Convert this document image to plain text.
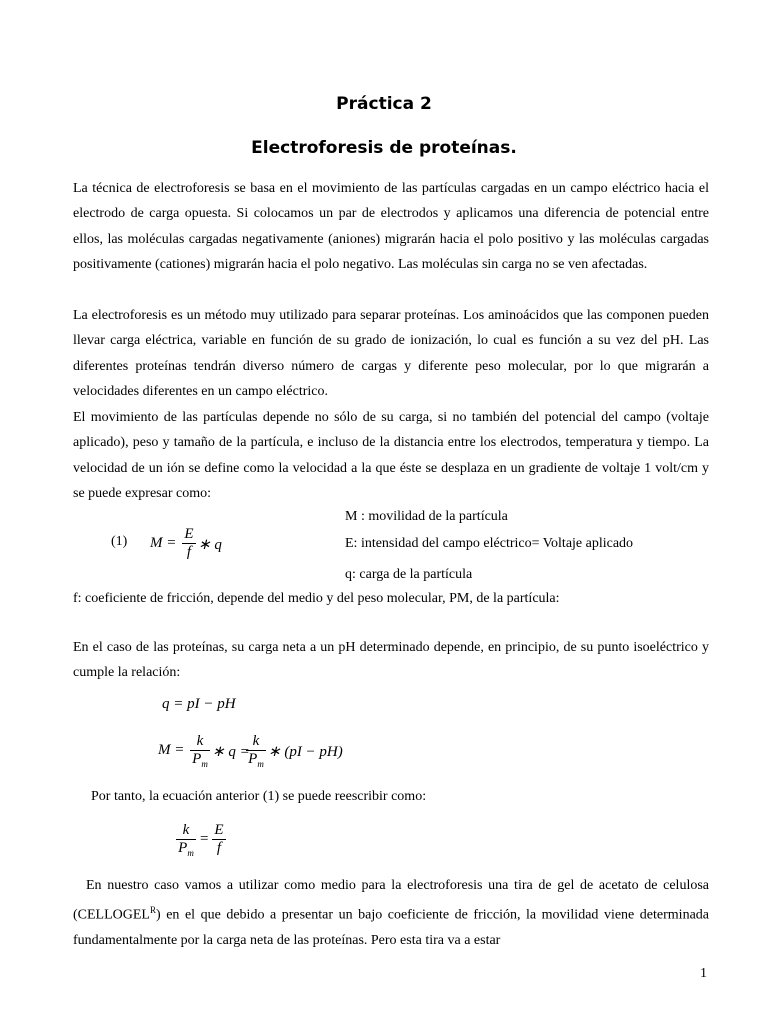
Práctica 2
Electroforesis de proteínas.

La técnica de electroforesis se basa en el movimiento de las partículas cargadas en un campo eléctrico hacia el electrodo de carga opuesta. Si colocamos un par de electrodos y aplicamos una diferencia de potencial entre ellos, las moléculas cargadas negativamente (aniones) migrarán hacia el polo positivo y las moléculas cargadas positivamente (cationes) migrarán hacia el polo negativo. Las moléculas sin carga no se ven afectadas.

La electroforesis es un método muy utilizado para separar proteínas. Los aminoácidos que las componen pueden llevar carga eléctrica, variable en función de su grado de ionización, lo cual es función a su vez del pH. Las diferentes proteínas tendrán diverso número de cargas y diferente peso molecular, por lo que migrarán a velocidades diferentes en un campo eléctrico.

El movimiento de las partículas depende no sólo de su carga, si no también del potencial del campo (voltaje aplicado), peso y tamaño de la partícula, e incluso de la distancia entre los electrodos, temperatura y tiempo. La velocidad de un ión se define como la velocidad a la que éste se desplaza en un gradiente de voltaje 1 volt/cm y se puede expresar como:

(1) M =
E
f ∗ q
M : movilidad de la partícula
E: intensidad del campo eléctrico= Voltaje aplicado
q: carga de la partícula
f: coeficiente de fricción, depende del medio y del peso molecular, PM, de la partícula:

En el caso de las proteínas, su carga neta a un pH determinado depende, en principio, de su punto isoeléctrico y cumple la relación:

q = pI − pH
M =
k
$P_m$
∗ q =
k
$P_m$
∗ (pI − pH)
Por tanto, la ecuación anterior (1) se puede reescribir como:
k
$P_m$
=
E
f

En nuestro caso vamos a utilizar como medio para la electroforesis una tira de gel de acetato de celulosa $(CELLOGEL^R)$ en el que debido a presentar un bajo coeficiente de fricción, la movilidad viene determinada fundamentalmente por la carga neta de las proteínas. Pero esta tira va a estar

1
